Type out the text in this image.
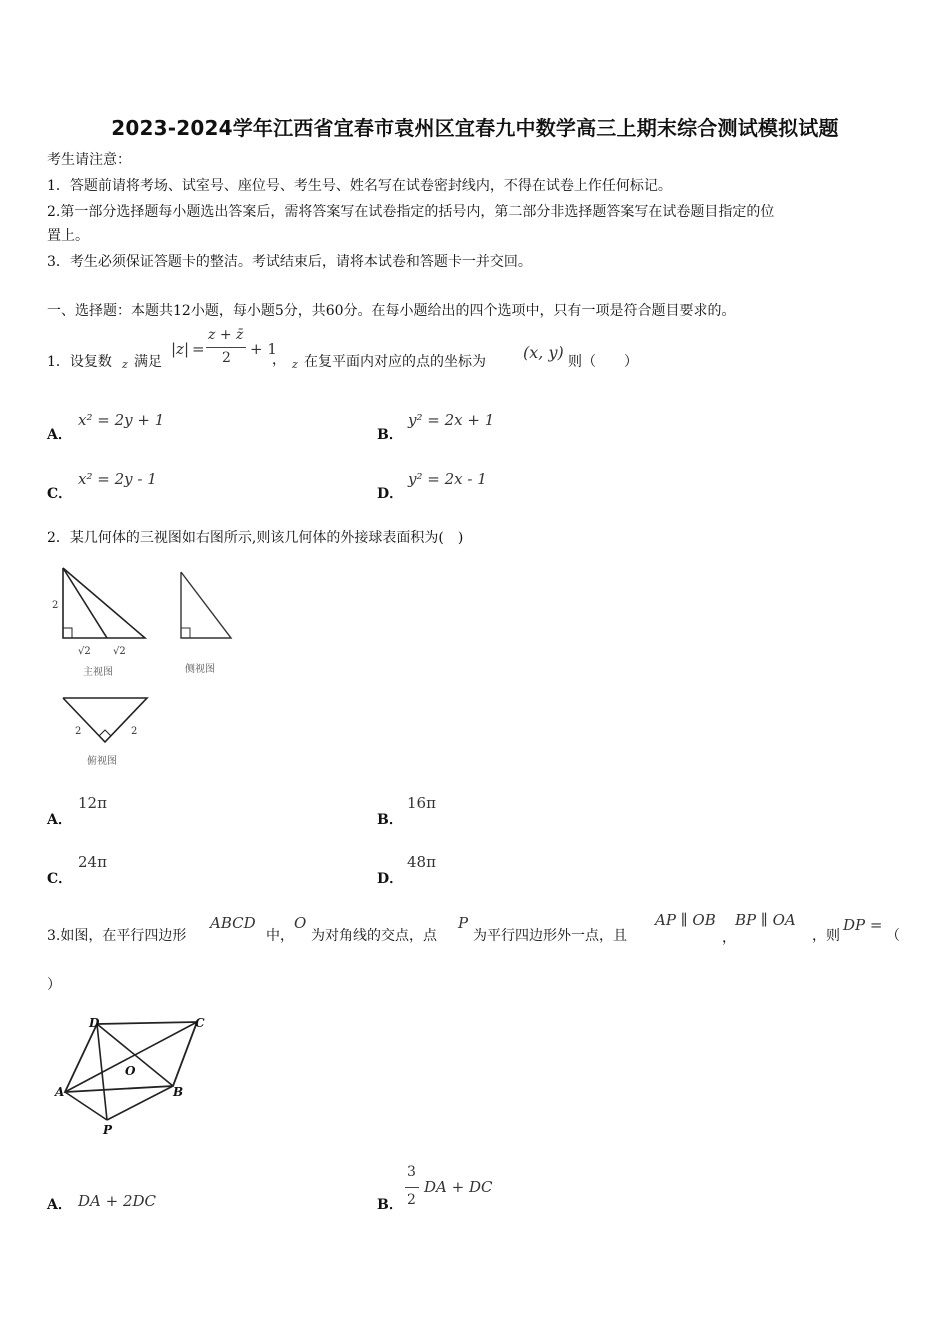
2023-2024学年江西省宜春市袁州区宜春九中数学高三上期末综合测试模拟试题
考生请注意：
1．答题前请将考场、试室号、座位号、考生号、姓名写在试卷密封线内，不得在试卷上作任何标记。
2.第一部分选择题每小题选出答案后，需将答案写在试卷指定的括号内，第二部分非选择题答案写在试卷题目指定的位
置上。
3．考生必须保证答题卡的整洁。考试结束后，请将本试卷和答题卡一并交回。
一、选择题：本题共12小题，每小题5分，共60分。在每小题给出的四个选项中，只有一项是符合题目要求的。
1．设复数 z 满足
|z| =
z + z̄
2 + 1
， z 在复平面内对应的点的坐标为 (x, y) 则（　　）
A．
x² = 2y + 1
B．
y² = 2x + 1
C．
x² = 2y - 1
D．
y² = 2x - 1
2．某几何体的三视图如右图所示,则该几何体的外接球表面积为(　)
2
√2 √2
主视图	侧视图
2	2
俯视图
A．
12π
B．
16π
C．
24π
D．
48π
3.如图，在平行四边形
ABCD
中，
O
为对角线的交点，点
P
为平行四边形外一点，且
AP ∥ OB
，
BP ∥ OA
，则
DP =
（
）
D	C
A	B
O
P
A． DA + 2DC	B．
3
2
DA + DC
